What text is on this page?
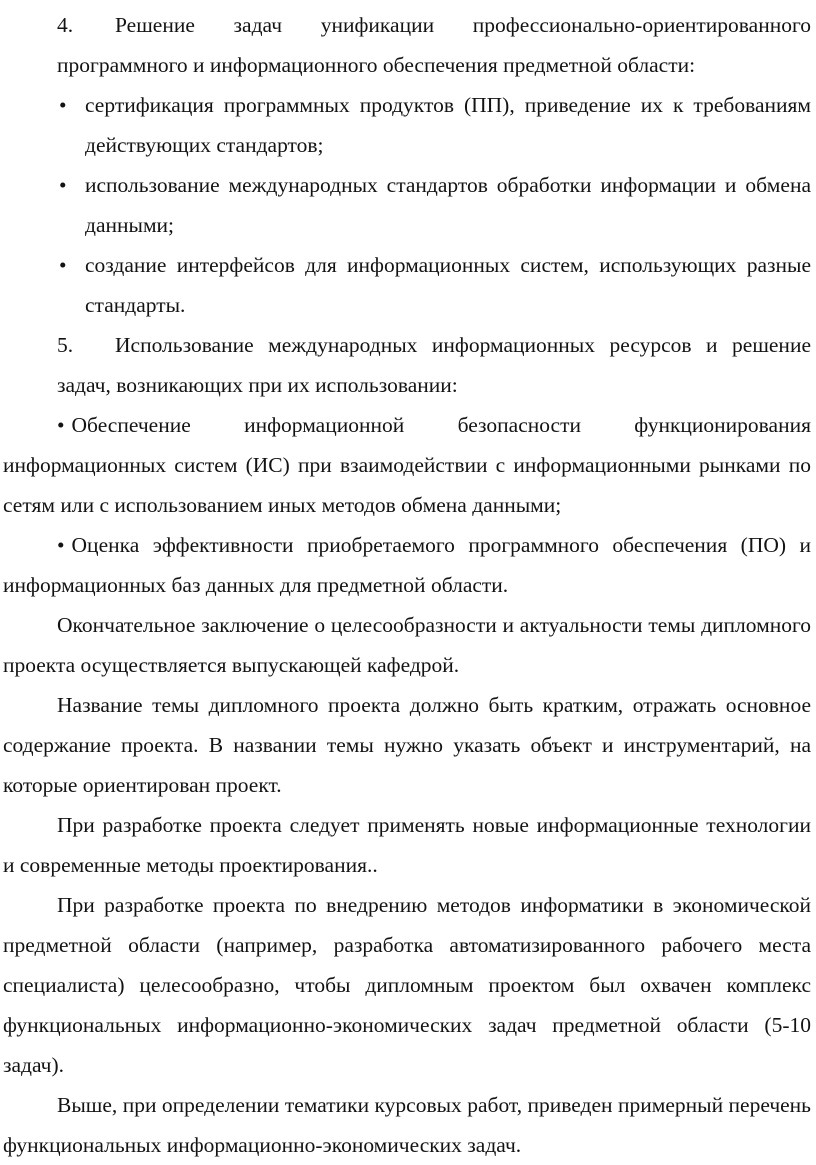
4. Решение задач унификации профессионально-ориентированного программного и информационного обеспечения предметной области:

• сертификация программных продуктов (ПП), приведение их к требованиям действующих стандартов;
• использование международных стандартов обработки информации и обмена данными;
• создание интерфейсов для информационных систем, использующих разные стандарты.

5. Использование международных информационных ресурсов и решение задач, возникающих при их использовании:

• Обеспечение информационной безопасности функционирования информационных систем (ИС) при взаимодействии с информационными рынками по сетям или с использованием иных методов обмена данными;

• Оценка эффективности приобретаемого программного обеспечения (ПО) и информационных баз данных для предметной области.

Окончательное заключение о целесообразности и актуальности темы дипломного проекта осуществляется выпускающей кафедрой.

Название темы дипломного проекта должно быть кратким, отражать основное содержание проекта. В названии темы нужно указать объект и инструментарий, на которые ориентирован проект.

При разработке проекта следует применять новые информационные технологии и современные методы проектирования..

При разработке проекта по внедрению методов информатики в экономической предметной области (например, разработка автоматизированного рабочего места специалиста) целесообразно, чтобы дипломным проектом был охвачен комплекс функциональных информационно-экономических задач предметной области (5-10 задач).

Выше, при определении тематики курсовых работ, приведен примерный перечень функциональных информационно-экономических задач.
